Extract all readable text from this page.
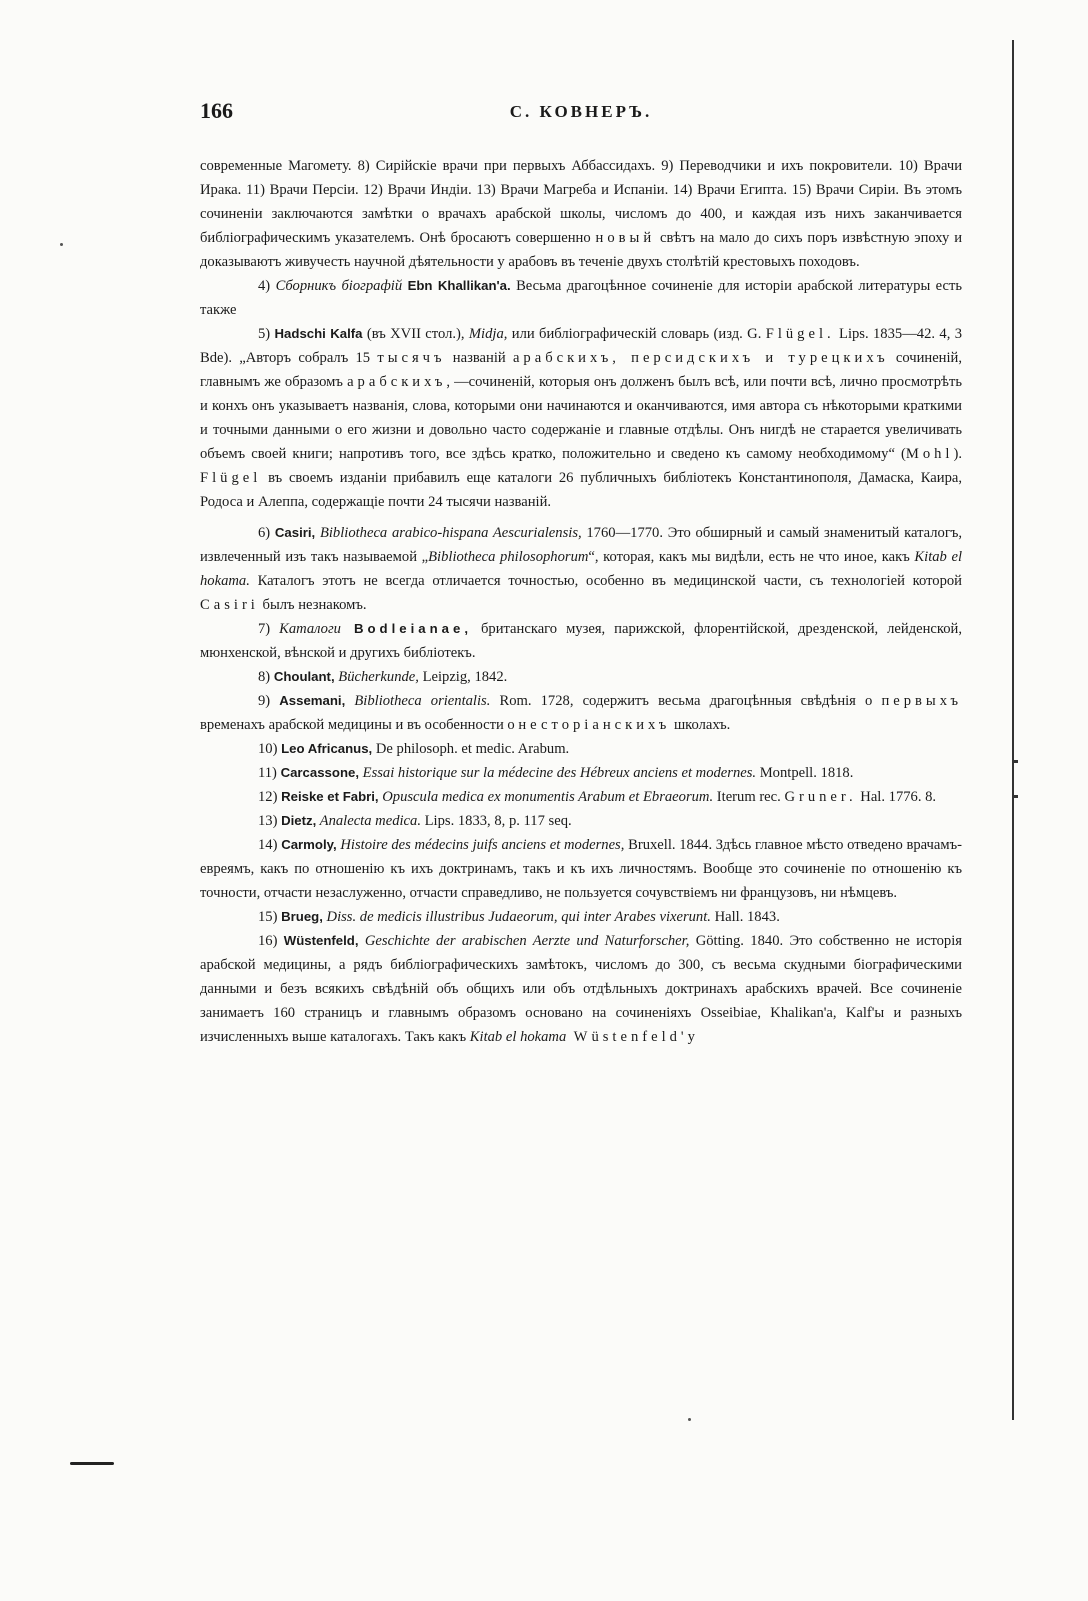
166	С. КОВНЕРЪ.

современные Магомету. 8) Сирійскіе врачи при первыхъ Аббассидахъ. 9) Переводчики и ихъ покровители. 10) Врачи Ирака. 11) Врачи Персіи. 12) Врачи Индіи. 13) Врачи Магреба и Испаніи. 14) Врачи Египта. 15) Врачи Сиріи. Въ этомъ сочиненіи заключаются замѣтки о врачахъ арабской школы, числомъ до 400, и каждая изъ нихъ заканчивается библіографическимъ указателемъ. Онѣ бросаютъ совершенно новый свѣтъ на мало до сихъ поръ извѣстную эпоху и доказываютъ живучесть научной дѣятельности у арабовъ въ теченіе двухъ столѣтій крестовыхъ походовъ.

4) Сборникъ біографій Ebn Khallikan'a. Весьма драгоцѣнное сочиненіе для исторіи арабской литературы есть также

5) Hadschi Kalfa (въ XVII стол.), Midja, или библіографическій словарь (изд. G. Flügel. Lips. 1835—42. 4, 3 Bde). „Авторъ собралъ 15 тысячъ названій арабскихъ, персидскихъ и турецкихъ сочиненій, главнымъ же образомъ арабскихъ,—сочиненій, которыя онъ долженъ былъ всѣ, или почти всѣ, лично просмотрѣть и конхъ онъ указываетъ названія, слова, которыми они начинаются и оканчиваются, имя автора съ нѣкоторыми краткими и точными данными о его жизни и довольно часто содержаніе и главные отдѣлы. Онъ нигдѣ не старается увеличивать объемъ своей книги; напротивъ того, все здѣсь кратко, положительно и сведено къ самому необходимому“ (Mohl). Flügel въ своемъ изданіи прибавилъ еще каталоги 26 публичныхъ библіотекъ Константинополя, Дамаска, Каира, Родоса и Алеппа, содержащіе почти 24 тысячи названій.

6) Casiri, Bibliotheca arabico-hispana Aescurialensis, 1760—1770. Это обширный и самый знаменитый каталогъ, извлеченный изъ такъ называемой „Bibliotheca philosophorum“, которая, какъ мы видѣли, есть не что иное, какъ Kitab el hokama. Каталогъ этотъ не всегда отличается точностью, особенно въ медицинской части, съ технологіей которой Casiri былъ незнакомъ.

7) Каталоги Bodleianae, британскаго музея, парижской, флорентійской, дрезденской, лейденской, мюнхенской, вѣнской и другихъ библіотекъ.

8) Choulant, Bücherkunde, Leipzig, 1842.

9) Assemani, Bibliotheca orientalis. Rom. 1728, содержитъ весьма драгоцѣнныя свѣдѣнія о первыхъ временахъ арабской медицины и въ особенности о несторіанскихъ школахъ.

10) Leo Africanus, De philosoph. et medic. Arabum.

11) Carcassone, Essai historique sur la médecine des Hébreux anciens et modernes. Montpell. 1818.

12) Reiske et Fabri, Opuscula medica ex monumentis Arabum et Ebraeorum. Iterum rec. Gruner. Hal. 1776. 8.

13) Dietz, Analecta medica. Lips. 1833, 8, p. 117 seq.

14) Carmoly, Histoire des médecins juifs anciens et modernes, Bruxell. 1844. Здѣсь главное мѣсто отведено врачамъ-евреямъ, какъ по отношенію къ ихъ доктринамъ, такъ и къ ихъ личностямъ. Вообще это сочиненіе по отношенію къ точности, отчасти незаслуженно, отчасти справедливо, не пользуется сочувствіемъ ни французовъ, ни нѣмцевъ.

15) Brueg, Diss. de medicis illustribus Judaeorum, qui inter Arabes vixerunt. Hall. 1843.

16) Wüstenfeld, Geschichte der arabischen Aerzte und Naturforscher, Götting. 1840. Это собственно не исторія арабской медицины, а рядъ библіографическихъ замѣтокъ, числомъ до 300, съ весьма скудными біографическими данными и безъ всякихъ свѣдѣній объ общихъ или объ отдѣльныхъ доктринахъ арабскихъ врачей. Все сочиненіе занимаетъ 160 страницъ и главнымъ образомъ основано на сочиненіяхъ Osseibiae, Khalikan'a, Kalf'ы и разныхъ изчисленныхъ выше каталогахъ. Такъ какъ Kitab el hokama Wüstenfeld'y
